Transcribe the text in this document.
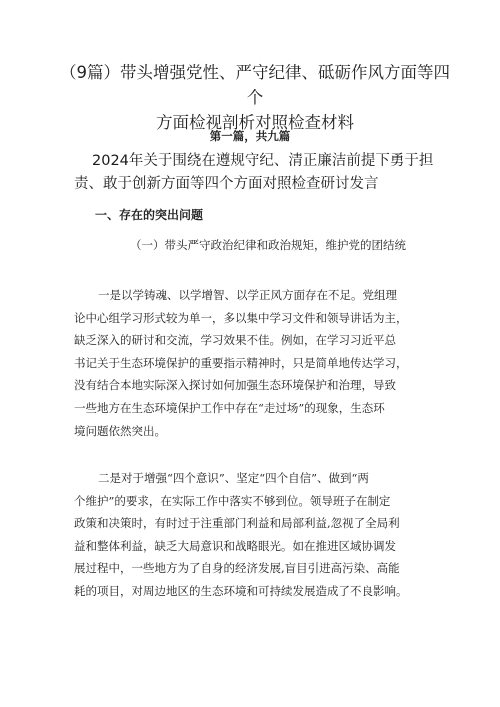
（9篇）带头增强党性、严守纪律、砥砺作风方面等四个
方面检视剖析对照检查材料
第一篇，共九篇
2024年关于围绕在遵规守纪、清正廉洁前提下勇于担
责、敢于创新方面等四个方面对照检查研讨发言
一、存在的突出问题
（一）带头严守政治纪律和政治规矩，维护党的团结统
一是以学铸魂、以学增智、以学正风方面存在不足。党组理
论中心组学习形式较为单一，多以集中学习文件和领导讲话为主，
缺乏深入的研讨和交流，学习效果不佳。例如，在学习习近平总
书记关于生态环境保护的重要指示精神时，只是简单地传达学习，
没有结合本地实际深入探讨如何加强生态环境保护和治理，导致
一些地方在生态环境保护工作中存在“走过场”的现象，生态环
境问题依然突出。
二是对于增强“四个意识”、坚定“四个自信”、做到“两
个维护”的要求，在实际工作中落实不够到位。领导班子在制定
政策和决策时，有时过于注重部门利益和局部利益,忽视了全局利
益和整体利益，缺乏大局意识和战略眼光。如在推进区域协调发
展过程中，一些地方为了自身的经济发展,盲目引进高污染、高能
耗的项目，对周边地区的生态环境和可持续发展造成了不良影响。
